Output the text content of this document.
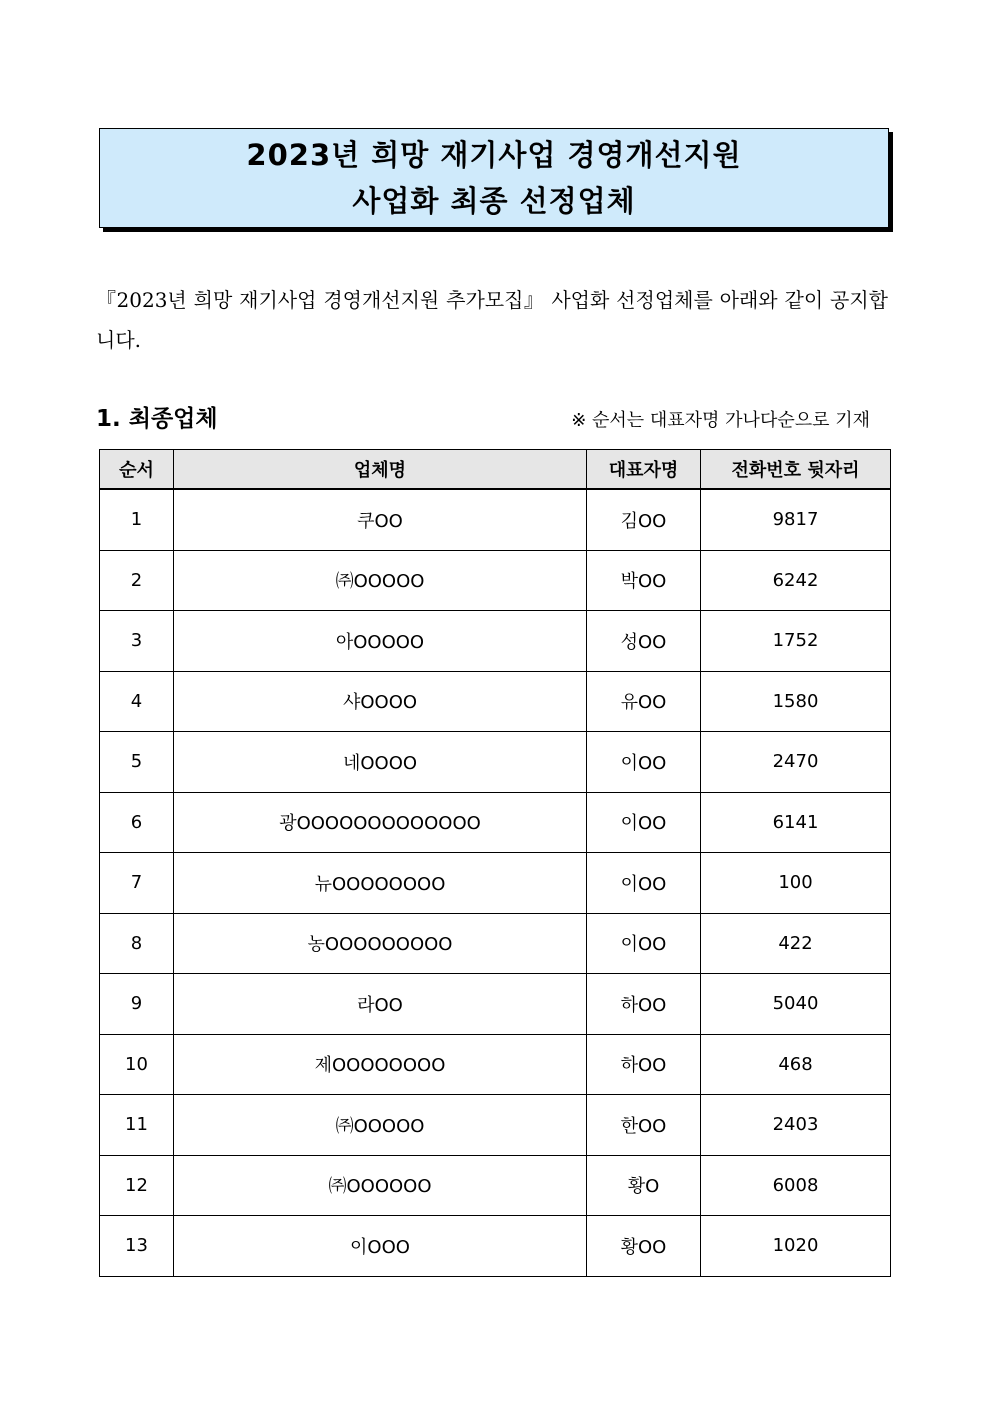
2023년 희망 재기사업 경영개선지원
사업화 최종 선정업체
『2023년 희망 재기사업 경영개선지원 추가모집』 사업화 선정업체를 아래와 같이 공지합니다.
1. 최종업체	※ 순서는 대표자명 가나다순으로 기재
순서	업체명	대표자명	전화번호 뒷자리
1	쿠OO	김OO	9817
2	㈜OOOOO	박OO	6242
3	아OOOOO	성OO	1752
4	샤OOOO	유OO	1580
5	네OOOO	이OO	2470
6	광OOOOOOOOOOOOO	이OO	6141
7	뉴OOOOOOOO	이OO	100
8	농OOOOOOOOO	이OO	422
9	라OO	하OO	5040
10	제OOOOOOOO	하OO	468
11	㈜OOOOO	한OO	2403
12	㈜OOOOOO	황O	6008
13	이OOO	황OO	1020
